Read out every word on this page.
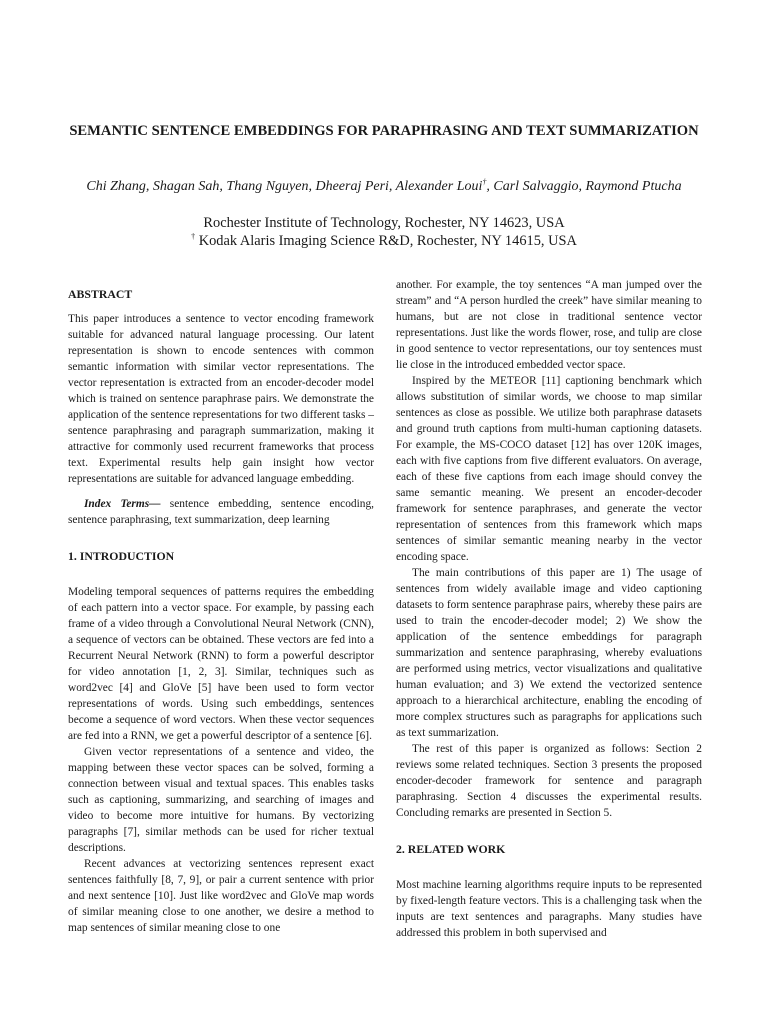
SEMANTIC SENTENCE EMBEDDINGS FOR PARAPHRASING AND TEXT SUMMARIZATION
Chi Zhang, Shagan Sah, Thang Nguyen, Dheeraj Peri, Alexander Loui†, Carl Salvaggio, Raymond Ptucha
Rochester Institute of Technology, Rochester, NY 14623, USA
† Kodak Alaris Imaging Science R&D, Rochester, NY 14615, USA

ABSTRACT

This paper introduces a sentence to vector encoding framework suitable for advanced natural language processing. Our latent representation is shown to encode sentences with common semantic information with similar vector representations. The vector representation is extracted from an encoder-decoder model which is trained on sentence paraphrase pairs. We demonstrate the application of the sentence representations for two different tasks – sentence paraphrasing and paragraph summarization, making it attractive for commonly used recurrent frameworks that process text. Experimental results help gain insight how vector representations are suitable for advanced language embedding.

Index Terms— sentence embedding, sentence encoding, sentence paraphrasing, text summarization, deep learning

1. INTRODUCTION

Modeling temporal sequences of patterns requires the embedding of each pattern into a vector space. For example, by passing each frame of a video through a Convolutional Neural Network (CNN), a sequence of vectors can be obtained. These vectors are fed into a Recurrent Neural Network (RNN) to form a powerful descriptor for video annotation [1, 2, 3]. Similar, techniques such as word2vec [4] and GloVe [5] have been used to form vector representations of words. Using such embeddings, sentences become a sequence of word vectors. When these vector sequences are fed into a RNN, we get a powerful descriptor of a sentence [6].

Given vector representations of a sentence and video, the mapping between these vector spaces can be solved, forming a connection between visual and textual spaces. This enables tasks such as captioning, summarizing, and searching of images and video to become more intuitive for humans. By vectorizing paragraphs [7], similar methods can be used for richer textual descriptions.

Recent advances at vectorizing sentences represent exact sentences faithfully [8, 7, 9], or pair a current sentence with prior and next sentence [10]. Just like word2vec and GloVe map words of similar meaning close to one another, we desire a method to map sentences of similar meaning close to one

another. For example, the toy sentences “A man jumped over the stream” and “A person hurdled the creek” have similar meaning to humans, but are not close in traditional sentence vector representations. Just like the words flower, rose, and tulip are close in good sentence to vector representations, our toy sentences must lie close in the introduced embedded vector space.

Inspired by the METEOR [11] captioning benchmark which allows substitution of similar words, we choose to map similar sentences as close as possible. We utilize both paraphrase datasets and ground truth captions from multi-human captioning datasets. For example, the MS-COCO dataset [12] has over 120K images, each with five captions from five different evaluators. On average, each of these five captions from each image should convey the same semantic meaning. We present an encoder-decoder framework for sentence paraphrases, and generate the vector representation of sentences from this framework which maps sentences of similar semantic meaning nearby in the vector encoding space.

The main contributions of this paper are 1) The usage of sentences from widely available image and video captioning datasets to form sentence paraphrase pairs, whereby these pairs are used to train the encoder-decoder model; 2) We show the application of the sentence embeddings for paragraph summarization and sentence paraphrasing, whereby evaluations are performed using metrics, vector visualizations and qualitative human evaluation; and 3) We extend the vectorized sentence approach to a hierarchical architecture, enabling the encoding of more complex structures such as paragraphs for applications such as text summarization.

The rest of this paper is organized as follows: Section 2 reviews some related techniques. Section 3 presents the proposed encoder-decoder framework for sentence and paragraph paraphrasing. Section 4 discusses the experimental results. Concluding remarks are presented in Section 5.

2. RELATED WORK

Most machine learning algorithms require inputs to be represented by fixed-length feature vectors. This is a challenging task when the inputs are text sentences and paragraphs. Many studies have addressed this problem in both supervised and
